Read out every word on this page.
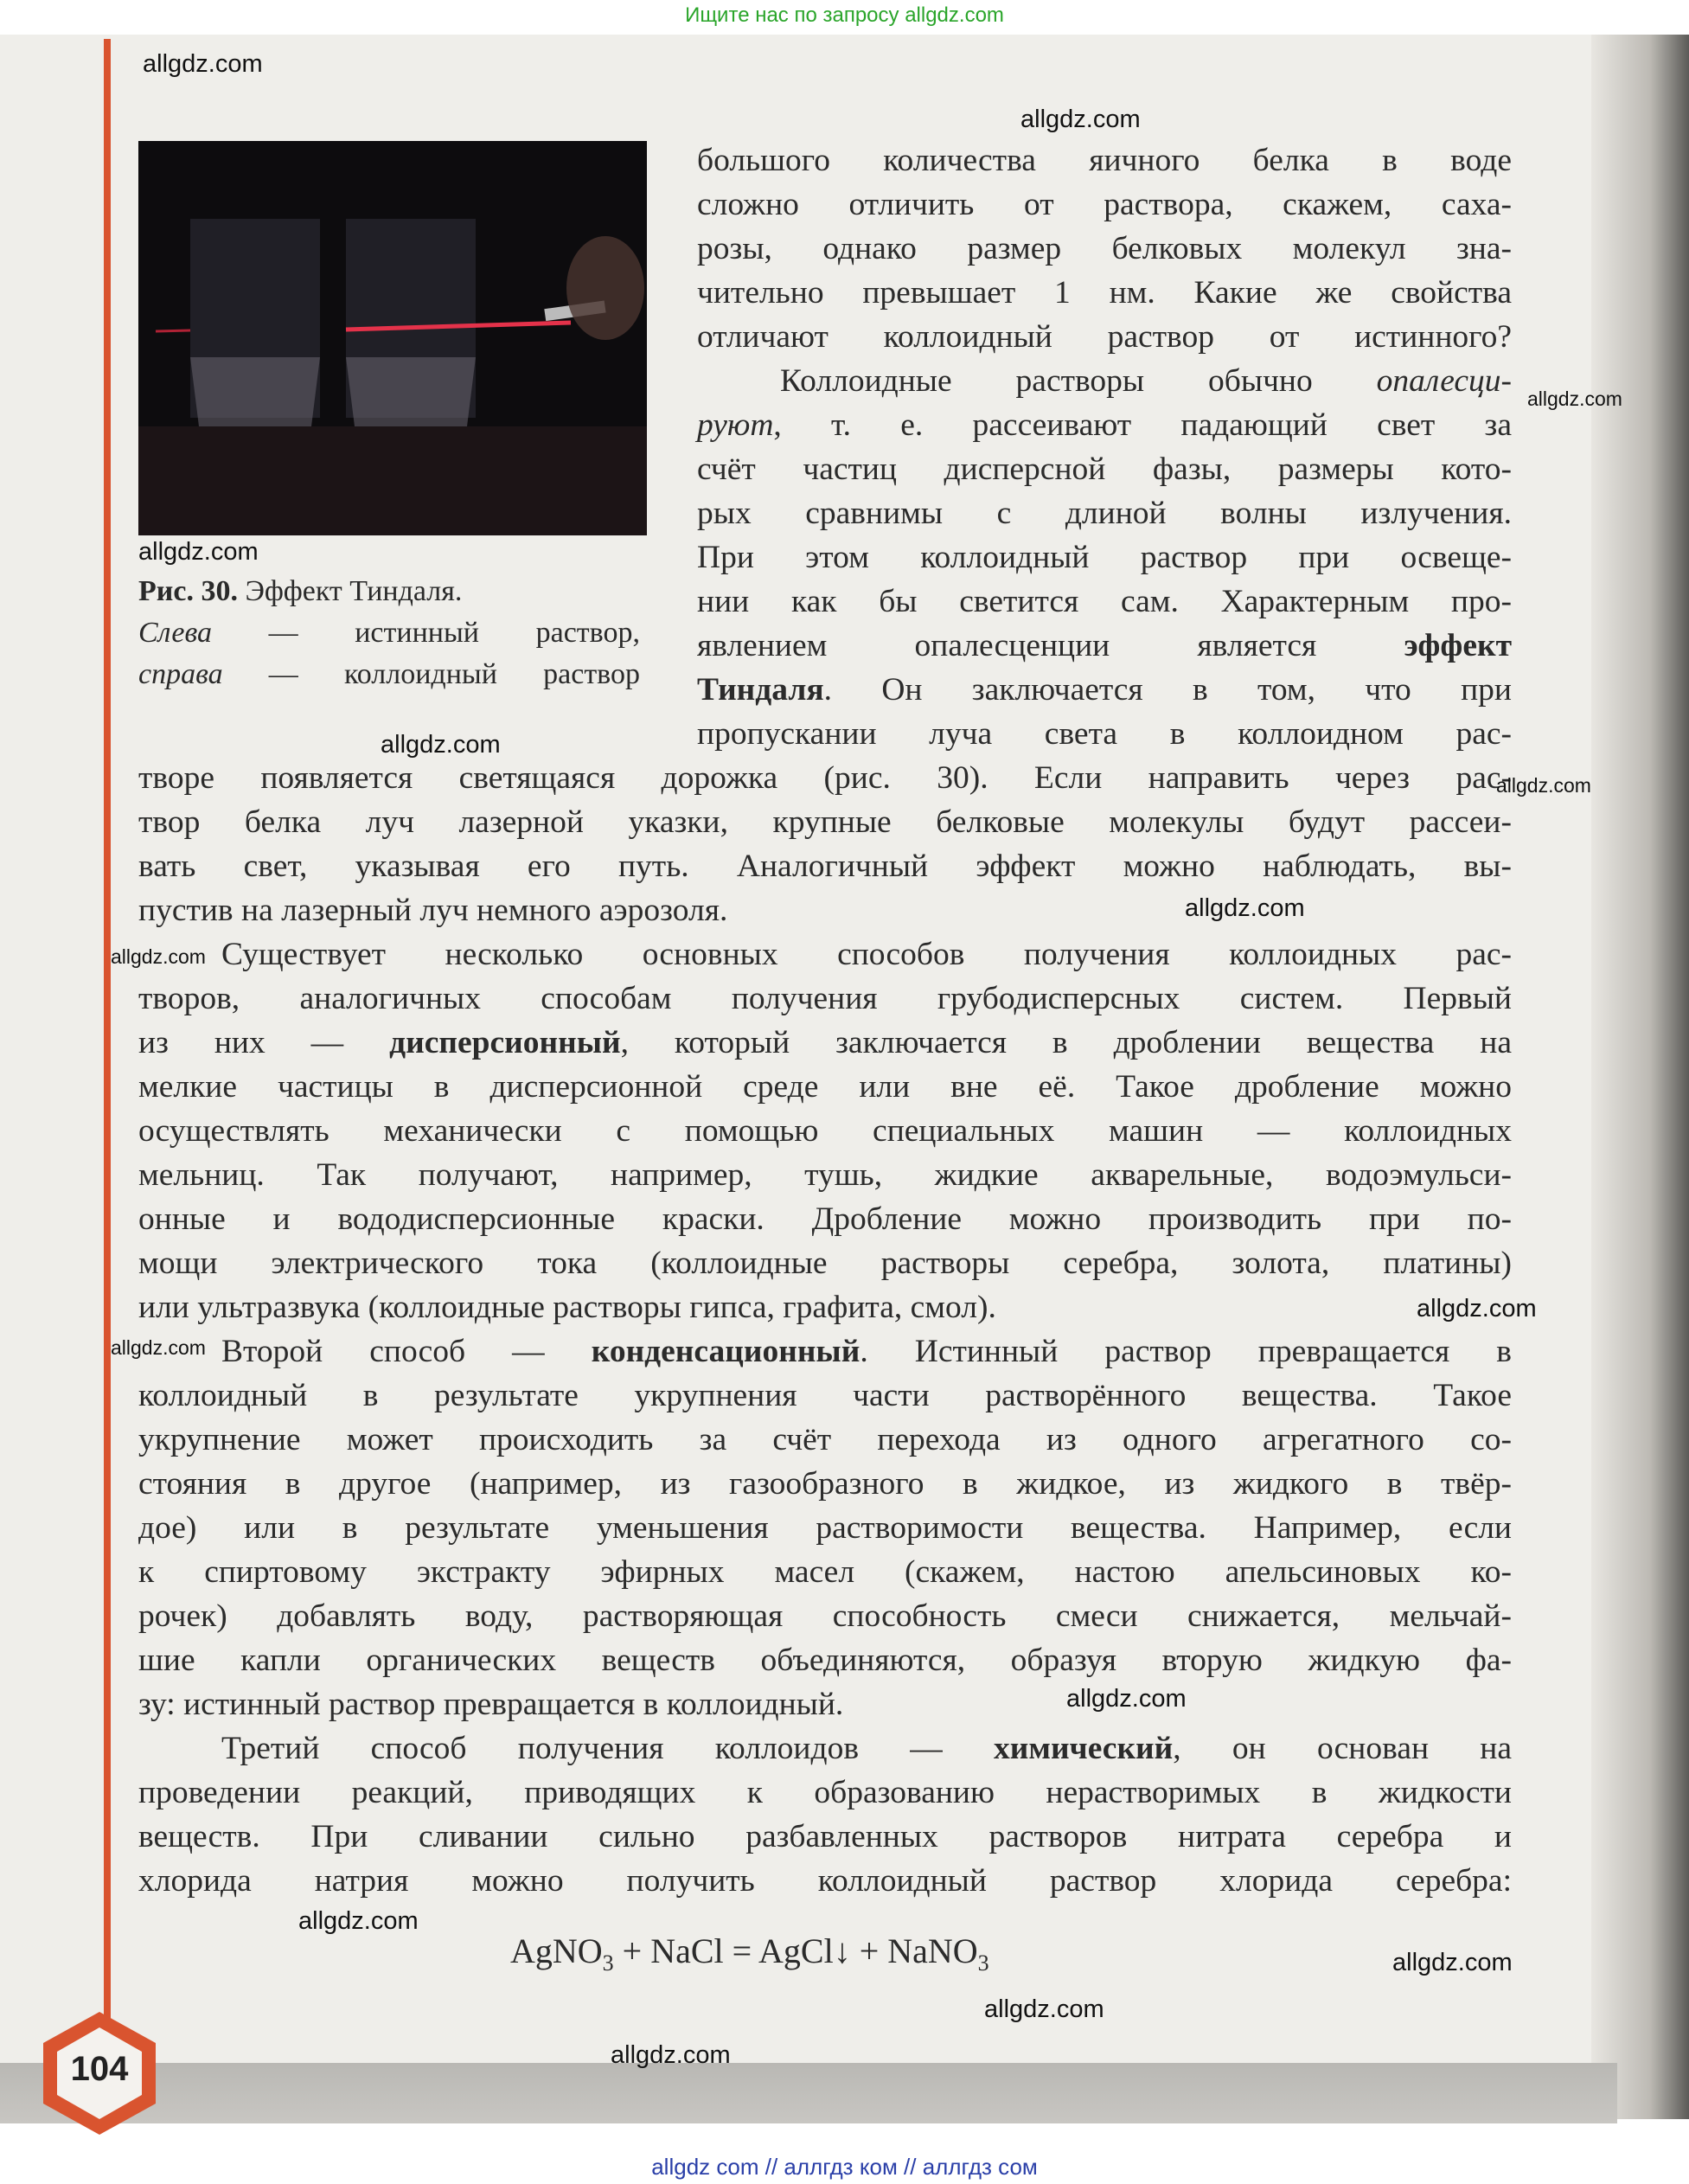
Ищите нас по запросу allgdz.com
Рис. 30. Эффект Тиндаля.
Слева — истинный раствор,
справа — коллоидный раствор

большого количества яичного белка в воде

сложно отличить от раствора, скажем, саха-

розы, однако размер белковых молекул зна-

чительно превышает 1 нм. Какие же свойства

отличают коллоидный раствор от истинного?

Коллоидные растворы обычно опалесци-

руют, т. е. рассеивают падающий свет за

счёт частиц дисперсной фазы, размеры кото-

рых сравнимы с длиной волны излучения.

При этом коллоидный раствор при освеще-

нии как бы светится сам. Характерным про-

явлением опалесценции является	эффект

Тиндаля. Он заключается в том, что при

пропускании луча света в коллоидном рас-

творе появляется светящаяся дорожка (рис. 30). Если направить через рас-

твор белка луч лазерной указки, крупные белковые молекулы будут рассеи-

вать свет, указывая его путь. Аналогичный эффект можно наблюдать, вы-

пустив на лазерный луч немного аэрозоля.

Существует несколько основных способов получения коллоидных рас-

творов, аналогичных способам получения грубодисперсных систем. Первый

из них — дисперсионный, который заключается в дроблении вещества на

мелкие частицы в дисперсионной среде или вне её. Такое дробление можно

осуществлять механически с помощью специальных машин — коллоидных

мельниц. Так получают, например, тушь, жидкие акварельные, водоэмульси-

онные и вододисперсионные краски. Дробление можно производить при по-

мощи электрического тока (коллоидные растворы серебра, золота, платины)

или ультразвука (коллоидные растворы гипса, графита, смол).

Второй способ — конденсационный. Истинный раствор превращается в

коллоидный в результате укрупнения части растворённого вещества. Такое

укрупнение может происходить за счёт перехода из одного агрегатного со-

стояния в другое (например, из газообразного в жидкое, из жидкого в твёр-

дое) или в результате уменьшения растворимости вещества. Например, если

к спиртовому экстракту эфирных масел (скажем, настою апельсиновых ко-

рочек) добавлять воду, растворяющая способность смеси снижается, мельчай-

шие капли органических веществ объединяются, образуя вторую жидкую фа-

зу: истинный раствор превращается в коллоидный.

Третий способ получения коллоидов — химический, он основан на

проведении реакций, приводящих к образованию нерастворимых в жидкости

веществ. При сливании сильно разбавленных растворов нитрата серебра и

хлорида натрия можно получить коллоидный раствор хлорида серебра:

AgNO$_3$ + NaCl = AgCl↓ + NaNO$_3$
allgdz.com
allgdz.com
allgdz.com
allgdz.com
allgdz.com
allgdz.com
allgdz.com
allgdz.com
allgdz.com
allgdz.com
allgdz.com
allgdz.com
allgdz.com
allgdz.com
allgdz.com
104
allgdz com // аллгдз ком // аллгдз сом
